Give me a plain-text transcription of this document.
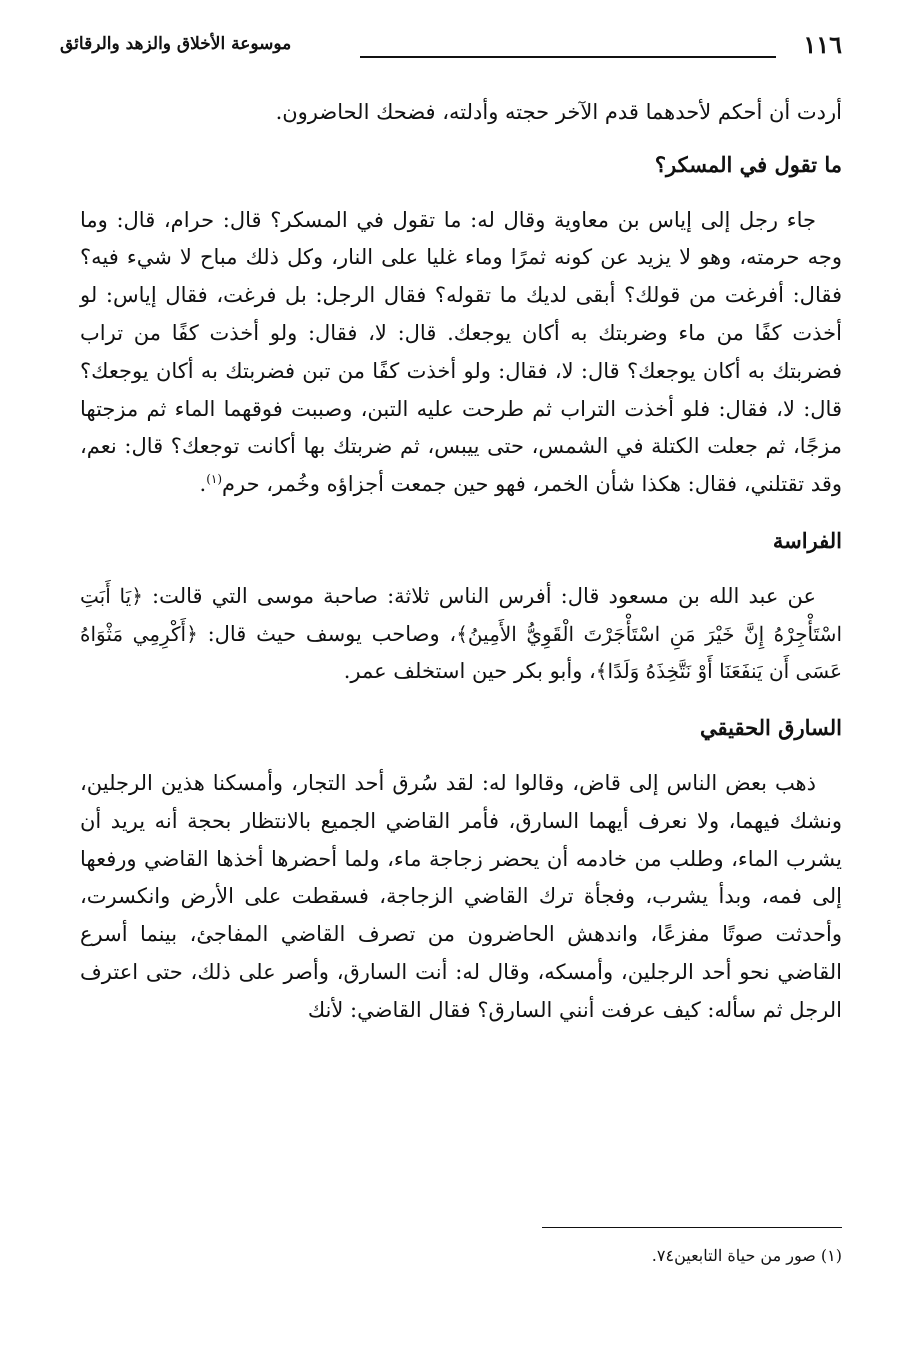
١١٦
موسوعة الأخلاق والزهد والرقائق

أردت أن أحكم لأحدهما قدم الآخر حجته وأدلته، فضحك الحاضرون.

ما تقول في المسكر؟

جاء رجل إلى إياس بن معاوية وقال له: ما تقول في المسكر؟ قال: حرام، قال: وما وجه حرمته، وهو لا يزيد عن كونه ثمرًا وماء غليا على النار، وكل ذلك مباح لا شيء فيه؟ فقال: أفرغت من قولك؟ أبقى لديك ما تقوله؟ فقال الرجل: بل فرغت، فقال إياس: لو أخذت كفًا من ماء وضربتك به أكان يوجعك. قال: لا، فقال: ولو أخذت كفًا من تراب فضربتك به أكان يوجعك؟ قال: لا، فقال: ولو أخذت كفًا من تبن فضربتك به أكان يوجعك؟ قال: لا، فقال: فلو أخذت التراب ثم طرحت عليه التبن، وصببت فوقهما الماء ثم مزجتها مزجًا، ثم جعلت الكتلة في الشمس، حتى ييبس، ثم ضربتك بها أكانت توجعك؟ قال: نعم، وقد تقتلني، فقال: هكذا شأن الخمر، فهو حين جمعت أجزاؤه وخُمر، حرم$^{(١)}$.

الفراسة

عن عبد الله بن مسعود قال: أفرس الناس ثلاثة: صاحبة موسى التي قالت: ﴿يَا أَبَتِ اسْتَأْجِرْهُ إِنَّ خَيْرَ مَنِ اسْتَأْجَرْتَ الْقَوِيُّ الأَمِينُ﴾، وصاحب يوسف حيث قال: ﴿أَكْرِمِي مَثْوَاهُ عَسَى أَن يَنفَعَنَا أَوْ نَتَّخِذَهُ وَلَدًا﴾، وأبو بكر حين استخلف عمر.

السارق الحقيقي

ذهب بعض الناس إلى قاض، وقالوا له: لقد سُرق أحد التجار، وأمسكنا هذين الرجلين، ونشك فيهما، ولا نعرف أيهما السارق، فأمر القاضي الجميع بالانتظار بحجة أنه يريد أن يشرب الماء، وطلب من خادمه أن يحضر زجاجة ماء، ولما أحضرها أخذها القاضي ورفعها إلى فمه، وبدأ يشرب، وفجأة ترك القاضي الزجاجة، فسقطت على الأرض وانكسرت، وأحدثت صوتًا مفزعًا، واندهش الحاضرون من تصرف القاضي المفاجئ، بينما أسرع القاضي نحو أحد الرجلين، وأمسكه، وقال له: أنت السارق، وأصر على ذلك، حتى اعترف الرجل ثم سأله: كيف عرفت أنني السارق؟ فقال القاضي: لأنك

(١) صور من حياة التابعين٧٤.
